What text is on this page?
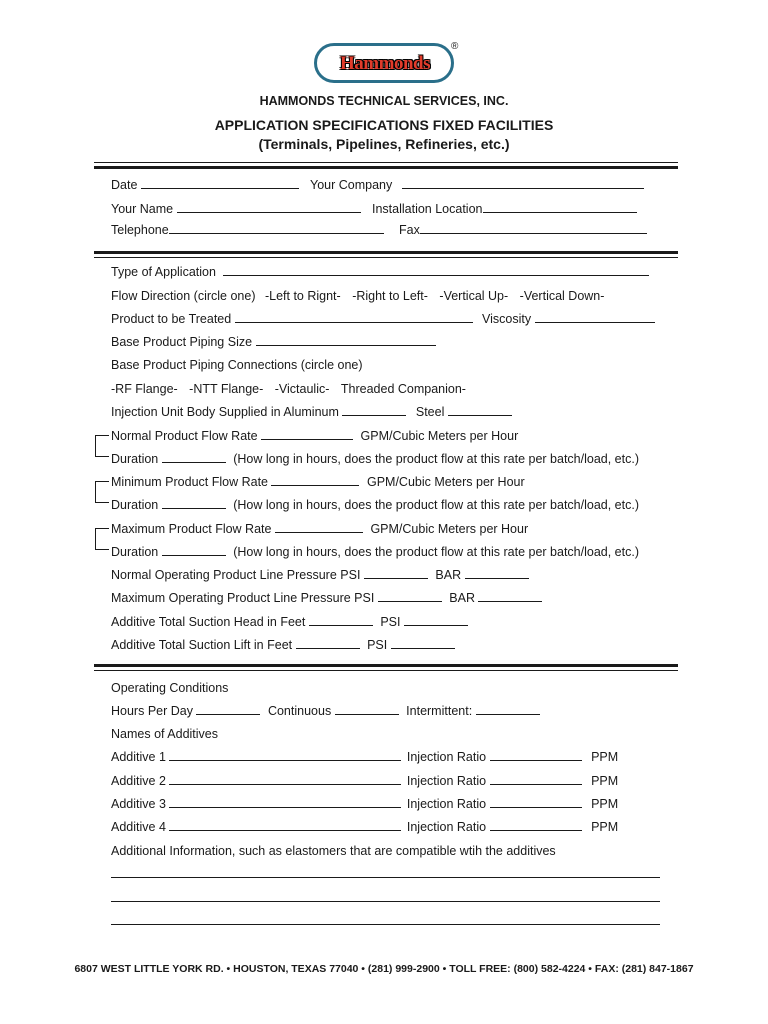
Hammonds
®
HAMMONDS TECHNICAL SERVICES, INC.
APPLICATION SPECIFICATIONS FIXED FACILITIES
(Terminals, Pipelines, Refineries, etc.)
Date	Your Company
Your Name	Installation Location
Telephone	Fax
Type of Application
Flow Direction (circle one) -Left to Rignt- -Right to Left- -Vertical Up- -Vertical Down-
Product to be Treated	Viscosity
Base Product Piping Size
Base Product Piping Connections (circle one)
-RF Flange- -NTT Flange- -Victaulic- Threaded Companion-
Injection Unit Body Supplied in Aluminum	Steel
Normal Product Flow Rate	GPM/Cubic Meters per Hour
Duration	(How long in hours, does the product flow at this rate per batch/load, etc.)
Minimum Product Flow Rate	GPM/Cubic Meters per Hour
Duration	(How long in hours, does the product flow at this rate per batch/load, etc.)
Maximum Product Flow Rate	GPM/Cubic Meters per Hour
Duration	(How long in hours, does the product flow at this rate per batch/load, etc.)
Normal Operating Product Line Pressure PSI	BAR
Maximum Operating Product Line Pressure PSI	BAR
Additive Total Suction Head in Feet	PSI
Additive Total Suction Lift in Feet	PSI
Operating Conditions
Hours Per Day	Continuous	Intermittent:
Names of Additives
Additive 1	Injection Ratio	PPM
Additive 2	Injection Ratio	PPM
Additive 3	Injection Ratio	PPM
Additive 4	Injection Ratio	PPM
Additional Information, such as elastomers that are compatible wtih the additives
6807 WEST LITTLE YORK RD. • HOUSTON, TEXAS 77040 • (281) 999-2900 • TOLL FREE: (800) 582-4224 • FAX: (281) 847-1867
